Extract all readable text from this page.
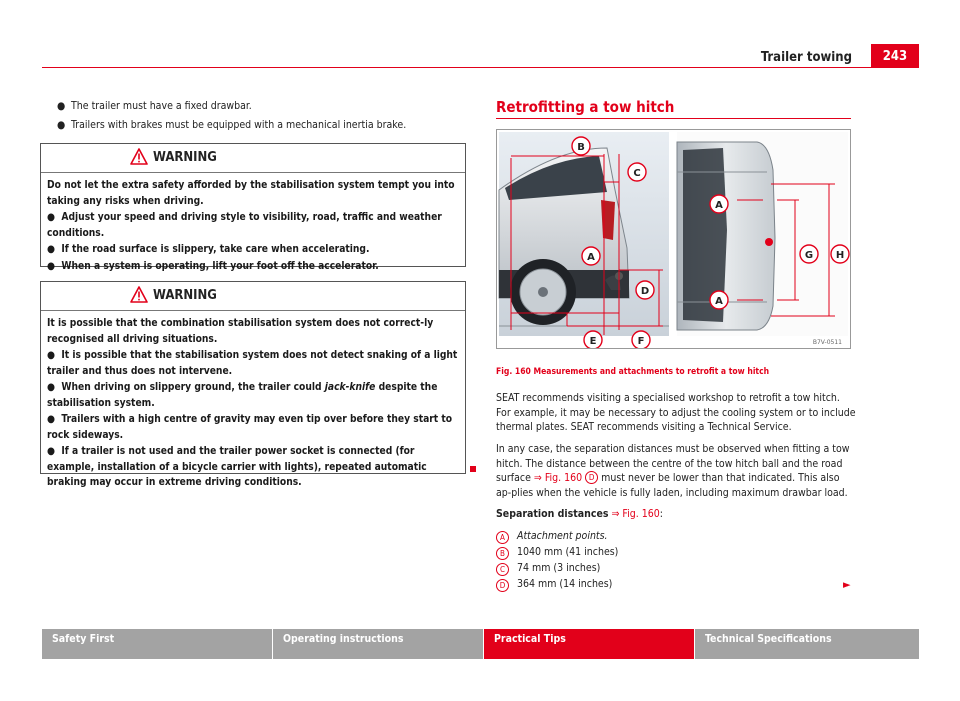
Trailer towing	243
● The trailer must have a fixed drawbar.
● Trailers with brakes must be equipped with a mechanical inertia brake.
WARNING

Do not let the extra safety afforded by the stabilisation system tempt you into taking any risks when driving.

●  Adjust your speed and driving style to visibility, road, traffic and weather conditions.

●  If the road surface is slippery, take care when accelerating.

●  When a system is operating, lift your foot off the accelerator.

WARNING

It is possible that the combination stabilisation system does not correct-ly recognised all driving situations.

●  It is possible that the stabilisation system does not detect snaking of a light trailer and thus does not intervene.

●  When driving on slippery ground, the trailer could jack-knife despite the stabilisation system.

●  Trailers with a high centre of gravity may even tip over before they start to rock sideways.

●  If a trailer is not used and the trailer power socket is connected (for example, installation of a bicycle carrier with lights), repeated automatic braking may occur in extreme driving conditions.

Retrofitting a tow hitch
B
C
A
D
E	F
A
A
G H
B7V-0511
Fig. 160 Measurements and attachments to retrofit a tow hitch
SEAT recommends visiting a specialised workshop to retrofit a tow hitch. For example, it may be necessary to adjust the cooling system or to include thermal plates. SEAT recommends visiting a Technical Service.
In any case, the separation distances must be observed when fitting a tow hitch. The distance between the centre of the tow hitch ball and the road surface ⇒ Fig. 160 D must never be lower than that indicated. This also ap-plies when the vehicle is fully laden, including maximum drawbar load.
Separation distances ⇒ Fig. 160:
A	Attachment points.
B	1040 mm (41 inches)
C	74 mm (3 inches)
D	364 mm (14 inches)	►
Safety First	Operating instructions	Practical Tips	Technical Specifications
